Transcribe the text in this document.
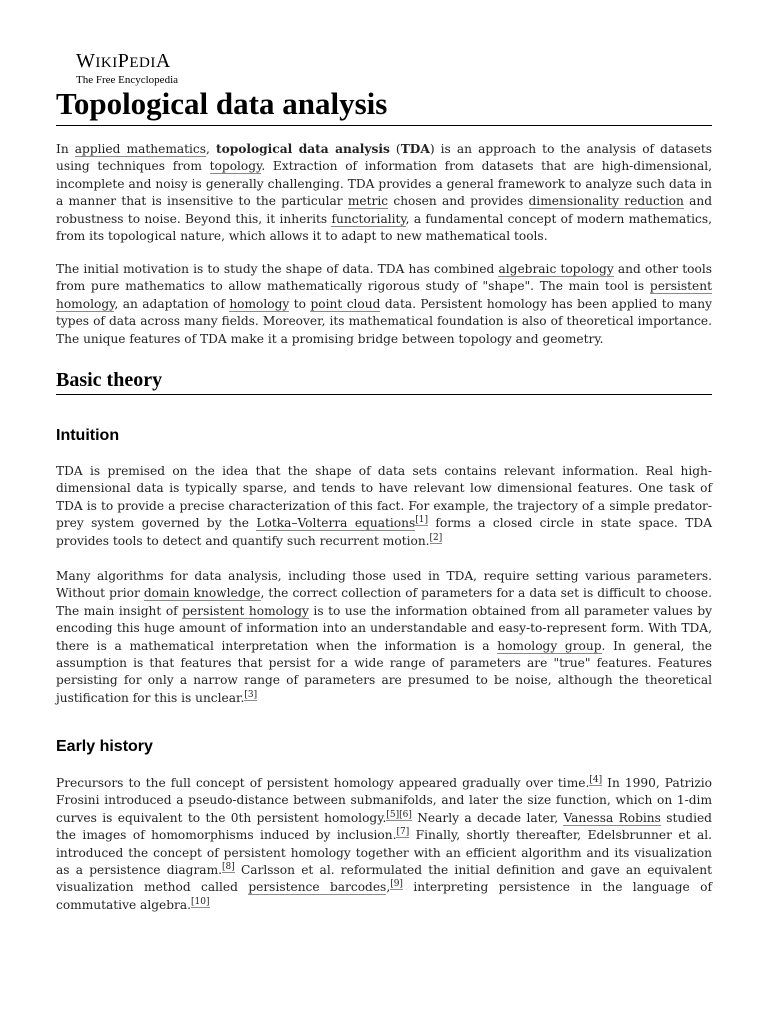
WIKIPEDIA
The Free Encyclopedia
Topological data analysis

In applied mathematics, topological data analysis (TDA) is an approach to the analysis of datasets using techniques from topology. Extraction of information from datasets that are high-dimensional, incomplete and noisy is generally challenging. TDA provides a general framework to analyze such data in a manner that is insensitive to the particular metric chosen and provides dimensionality reduction and robustness to noise. Beyond this, it inherits functoriality, a fundamental concept of modern mathematics, from its topological nature, which allows it to adapt to new mathematical tools.

The initial motivation is to study the shape of data. TDA has combined algebraic topology and other tools from pure mathematics to allow mathematically rigorous study of "shape". The main tool is persistent homology, an adaptation of homology to point cloud data. Persistent homology has been applied to many types of data across many fields. Moreover, its mathematical foundation is also of theoretical importance. The unique features of TDA make it a promising bridge between topology and geometry.

Basic theory
Intuition

TDA is premised on the idea that the shape of data sets contains relevant information. Real high-dimensional data is typically sparse, and tends to have relevant low dimensional features. One task of TDA is to provide a precise characterization of this fact. For example, the trajectory of a simple predator-prey system governed by the Lotka–Volterra equations[1] forms a closed circle in state space. TDA provides tools to detect and quantify such recurrent motion.[2]

Many algorithms for data analysis, including those used in TDA, require setting various parameters. Without prior domain knowledge, the correct collection of parameters for a data set is difficult to choose. The main insight of persistent homology is to use the information obtained from all parameter values by encoding this huge amount of information into an understandable and easy-to-represent form. With TDA, there is a mathematical interpretation when the information is a homology group. In general, the assumption is that features that persist for a wide range of parameters are "true" features. Features persisting for only a narrow range of parameters are presumed to be noise, although the theoretical justification for this is unclear.[3]

Early history

Precursors to the full concept of persistent homology appeared gradually over time.[4] In 1990, Patrizio Frosini introduced a pseudo-distance between submanifolds, and later the size function, which on 1-dim curves is equivalent to the 0th persistent homology.[5][6] Nearly a decade later, Vanessa Robins studied the images of homomorphisms induced by inclusion.[7] Finally, shortly thereafter, Edelsbrunner et al. introduced the concept of persistent homology together with an efficient algorithm and its visualization as a persistence diagram.[8] Carlsson et al. reformulated the initial definition and gave an equivalent visualization method called persistence barcodes,[9] interpreting persistence in the language of commutative algebra.[10]
